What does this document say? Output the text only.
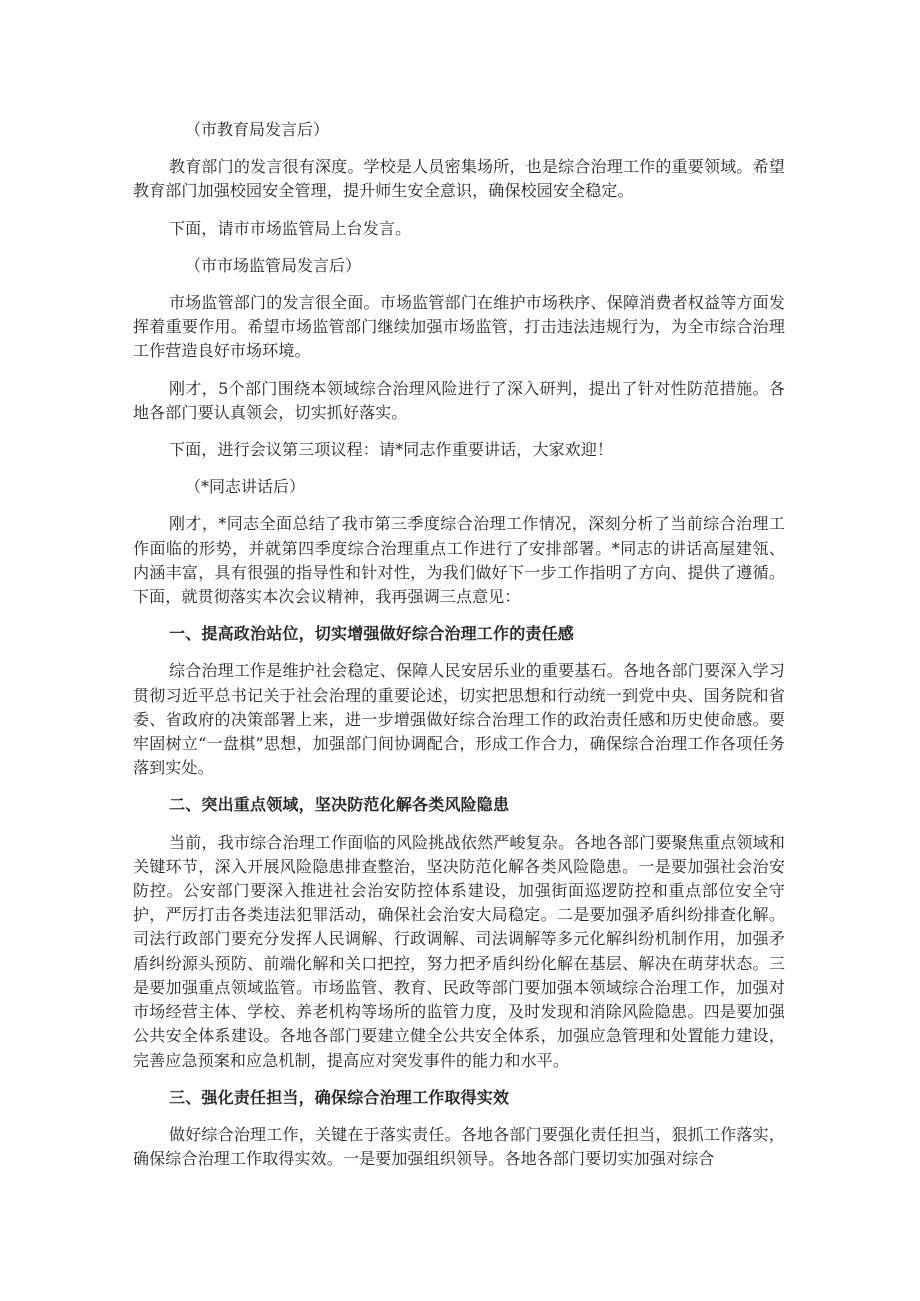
（市教育局发言后）

教育部门的发言很有深度。学校是人员密集场所，也是综合治理工作的重要领域。希望教育部门加强校园安全管理，提升师生安全意识，确保校园安全稳定。

下面，请市市场监管局上台发言。

（市市场监管局发言后）

市场监管部门的发言很全面。市场监管部门在维护市场秩序、保障消费者权益等方面发挥着重要作用。希望市场监管部门继续加强市场监管，打击违法违规行为，为全市综合治理工作营造良好市场环境。

刚才，5个部门围绕本领域综合治理风险进行了深入研判，提出了针对性防范措施。各地各部门要认真领会，切实抓好落实。

下面，进行会议第三项议程：请*同志作重要讲话，大家欢迎！

（*同志讲话后）

刚才，*同志全面总结了我市第三季度综合治理工作情况，深刻分析了当前综合治理工作面临的形势，并就第四季度综合治理重点工作进行了安排部署。*同志的讲话高屋建瓴、内涵丰富，具有很强的指导性和针对性，为我们做好下一步工作指明了方向、提供了遵循。下面，就贯彻落实本次会议精神，我再强调三点意见：

一、提高政治站位，切实增强做好综合治理工作的责任感

综合治理工作是维护社会稳定、保障人民安居乐业的重要基石。各地各部门要深入学习贯彻习近平总书记关于社会治理的重要论述，切实把思想和行动统一到党中央、国务院和省委、省政府的决策部署上来，进一步增强做好综合治理工作的政治责任感和历史使命感。要牢固树立“一盘棋”思想，加强部门间协调配合，形成工作合力，确保综合治理工作各项任务落到实处。

二、突出重点领域，坚决防范化解各类风险隐患

当前，我市综合治理工作面临的风险挑战依然严峻复杂。各地各部门要聚焦重点领域和关键环节，深入开展风险隐患排查整治，坚决防范化解各类风险隐患。一是要加强社会治安防控。公安部门要深入推进社会治安防控体系建设，加强街面巡逻防控和重点部位安全守护，严厉打击各类违法犯罪活动，确保社会治安大局稳定。二是要加强矛盾纠纷排查化解。司法行政部门要充分发挥人民调解、行政调解、司法调解等多元化解纠纷机制作用，加强矛盾纠纷源头预防、前端化解和关口把控，努力把矛盾纠纷化解在基层、解决在萌芽状态。三是要加强重点领域监管。市场监管、教育、民政等部门要加强本领域综合治理工作，加强对市场经营主体、学校、养老机构等场所的监管力度，及时发现和消除风险隐患。四是要加强公共安全体系建设。各地各部门要建立健全公共安全体系，加强应急管理和处置能力建设，完善应急预案和应急机制，提高应对突发事件的能力和水平。

三、强化责任担当，确保综合治理工作取得实效

做好综合治理工作，关键在于落实责任。各地各部门要强化责任担当，狠抓工作落实，确保综合治理工作取得实效。一是要加强组织领导。各地各部门要切实加强对综合
